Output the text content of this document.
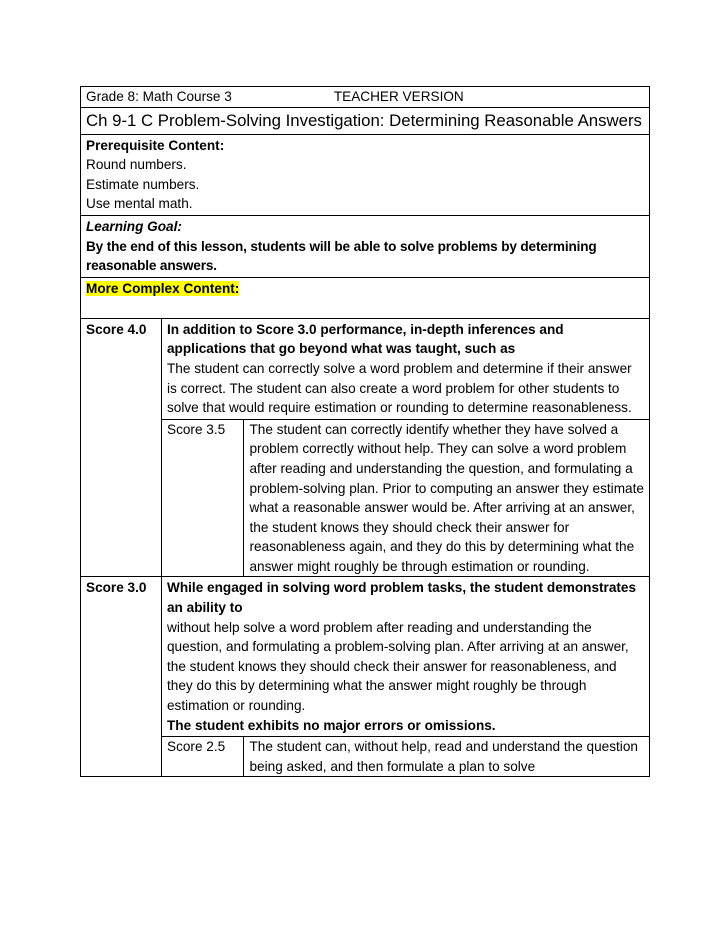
Grade 8: Math Course 3	TEACHER VERSION
Ch 9-1 C Problem-Solving Investigation: Determining Reasonable Answers

Prerequisite Content:
Round numbers.
Estimate numbers.
Use mental math.

Learning Goal:
By the end of this lesson, students will be able to solve problems by determining reasonable answers.

More Complex Content:
Score 4.0	In addition to Score 3.0 performance, in-depth inferences and applications that go beyond what was taught, such as
The student can correctly solve a word problem and determine if their answer is correct. The student can also create a word problem for other students to solve that would require estimation or rounding to determine reasonableness.
Score 3.5	The student can correctly identify whether they have solved a problem correctly without help. They can solve a word problem after reading and understanding the question, and formulating a problem-solving plan. Prior to computing an answer they estimate what a reasonable answer would be. After arriving at an answer, the student knows they should check their answer for reasonableness again, and they do this by determining what the answer might roughly be through estimation or rounding.

Score 3.0	While engaged in solving word problem tasks, the student demonstrates an ability to
without help solve a word problem after reading and understanding the question, and formulating a problem-solving plan. After arriving at an answer, the student knows they should check their answer for reasonableness, and they do this by determining what the answer might roughly be through estimation or rounding.
The student exhibits no major errors or omissions.
Score 2.5	The student can, without help, read and understand the question being asked, and then formulate a plan to solve
